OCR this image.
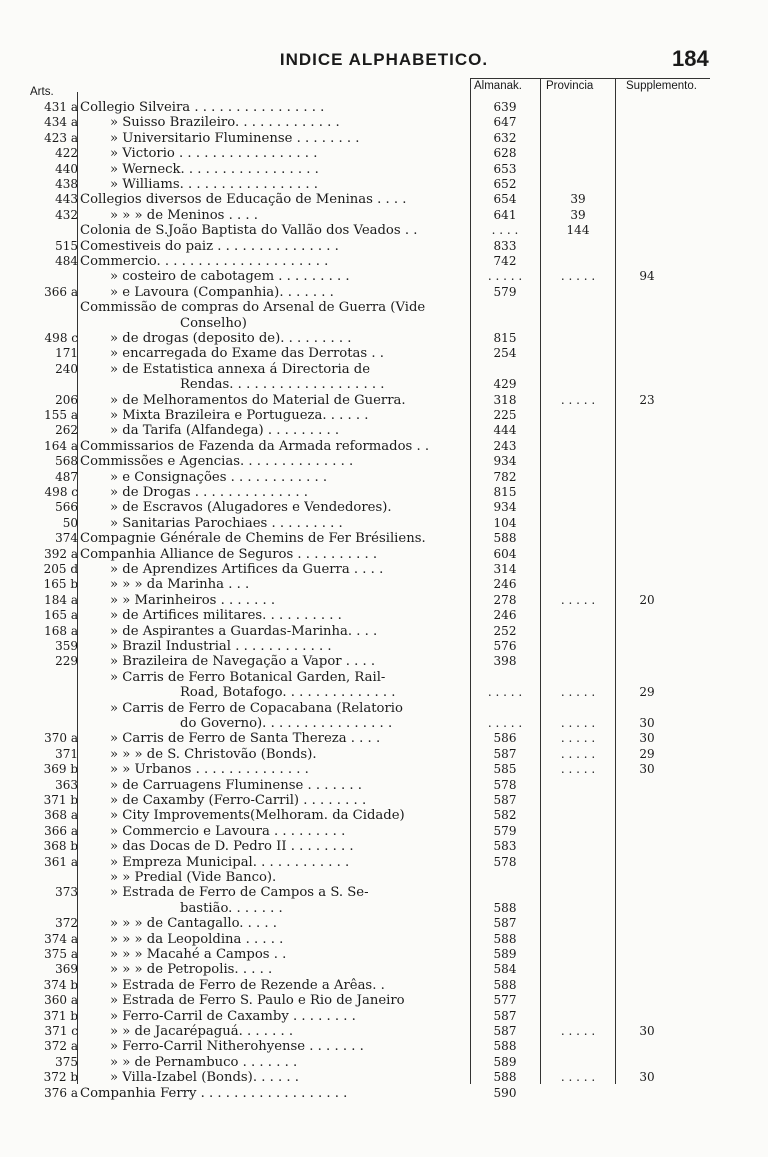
INDICE ALPHABETICO.	184
Arts.	Almanak. Provincia	Supplemento.
431 a Collegio Silveira . . . . . . . . . . . . . . . .	639
434 a	» Suisso Brazileiro. . . . . . . . . . . . .	647
423 a	» Universitario Fluminense . . . . . . . .	632
422	» Victorio . . . . . . . . . . . . . . . . .	628
440	» Werneck. . . . . . . . . . . . . . . . .	653
438	» Williams. . . . . . . . . . . . . . . . .	652
443 Collegios diversos de Educação de Meninas . . . .	654	39
432	» » » de Meninos . . . .	641	39
Colonia de S.João Baptista do Vallão dos Veados . .	. . . .	144
515 Comestiveis do paiz . . . . . . . . . . . . . . .	833
484 Commercio. . . . . . . . . . . . . . . . . . . . .	742
» costeiro de cabotagem . . . . . . . . .	. . . . .	. . . . .	94
366 a	» e Lavoura (Companhia). . . . . . .	579
Commissão de compras do Arsenal de Guerra (Vide
Conselho)
498 c	» de drogas (deposito de). . . . . . . . .	815
171	» encarregada do Exame das Derrotas . .	254
240	» de Estatistica annexa á Directoria de
Rendas. . . . . . . . . . . . . . . . . . .	429
206	» de Melhoramentos do Material de Guerra.	318	. . . . .	23
155 a	» Mixta Brazileira e Portugueza. . . . . .	225
262	» da Tarifa (Alfandega) . . . . . . . . .	444
164 a Commissarios de Fazenda da Armada reformados . .	243
568 Commissões e Agencias. . . . . . . . . . . . . .	934
487	» e Consignações . . . . . . . . . . . .	782
498 c	» de Drogas . . . . . . . . . . . . . .	815
566	» de Escravos (Alugadores e Vendedores).	934
50	» Sanitarias Parochiaes . . . . . . . . .	104
374 Compagnie Générale de Chemins de Fer Brésiliens.	588
392 a Companhia Alliance de Seguros . . . . . . . . . .	604
205 d	» de Aprendizes Artifices da Guerra . . . .	314
165 b	» » » da Marinha . . .	246
184 a	» » Marinheiros . . . . . . .	278	. . . . .	20
165 a	» de Artifices militares. . . . . . . . . .	246
168 a	» de Aspirantes a Guardas-Marinha. . . .	252
359	» Brazil Industrial . . . . . . . . . . . .	576
229	» Brazileira de Navegação a Vapor . . . .	398
» Carris de Ferro Botanical Garden, Rail-
Road, Botafogo. . . . . . . . . . . . . .	. . . . .	. . . . .	29
» Carris de Ferro de Copacabana (Relatorio
do Governo). . . . . . . . . . . . . . . .	. . . . .	. . . . .	30
370 a	» Carris de Ferro de Santa Thereza . . . .	586	. . . . .	30
371	» » » de S. Christovão (Bonds).	587	. . . . .	29
369 b	» » Urbanos . . . . . . . . . . . . . .	585	. . . . .	30
363	» de Carruagens Fluminense . . . . . . .	578
371 b	» de Caxamby (Ferro-Carril) . . . . . . . .	587
368 a	» City Improvements(Melhoram. da Cidade)	582
366 a	» Commercio e Lavoura . . . . . . . . .	579
368 b	» das Docas de D. Pedro II . . . . . . . .	583
361 a	» Empreza Municipal. . . . . . . . . . . .	578
» » Predial (Vide Banco).
373	» Estrada de Ferro de Campos a S. Se-
bastião. . . . . . .	588
372	» » » de Cantagallo. . . . .	587
374 a	» » » da Leopoldina . . . . .	588
375 a	» » » Macahé a Campos . .	589
369	» » » de Petropolis. . . . .	584
374 b	» Estrada de Ferro de Rezende a Arêas. .	588
360 a	» Estrada de Ferro S. Paulo e Rio de Janeiro	577
371 b	» Ferro-Carril de Caxamby . . . . . . . .	587
371 c	» » de Jacarépaguá. . . . . . .	587	. . . . .	30
372 a	» Ferro-Carril Nitherohyense . . . . . . .	588
375	» » de Pernambuco . . . . . . .	589
372 b	» Villa-Izabel (Bonds). . . . . .	588	. . . . .	30
376 a Companhia Ferry . . . . . . . . . . . . . . . . . .	590
